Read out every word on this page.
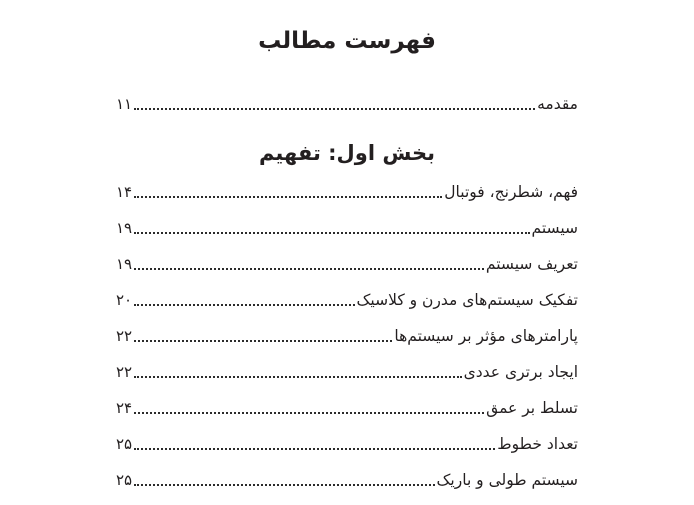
فهرست مطالب
مقدمه
۱۱
بخش اول: تفهیم
فهم، شطرنج، فوتبال
۱۴
سیستم
۱۹
تعریف سیستم
۱۹
تفکیک سیستم‌های مدرن و کلاسیک
۲۰
پارامترهای مؤثر بر سیستم‌ها
۲۲
ایجاد برتری عددی
۲۲
تسلط بر عمق
۲۴
تعداد خطوط
۲۵
سیستم طولی و باریک
۲۵
